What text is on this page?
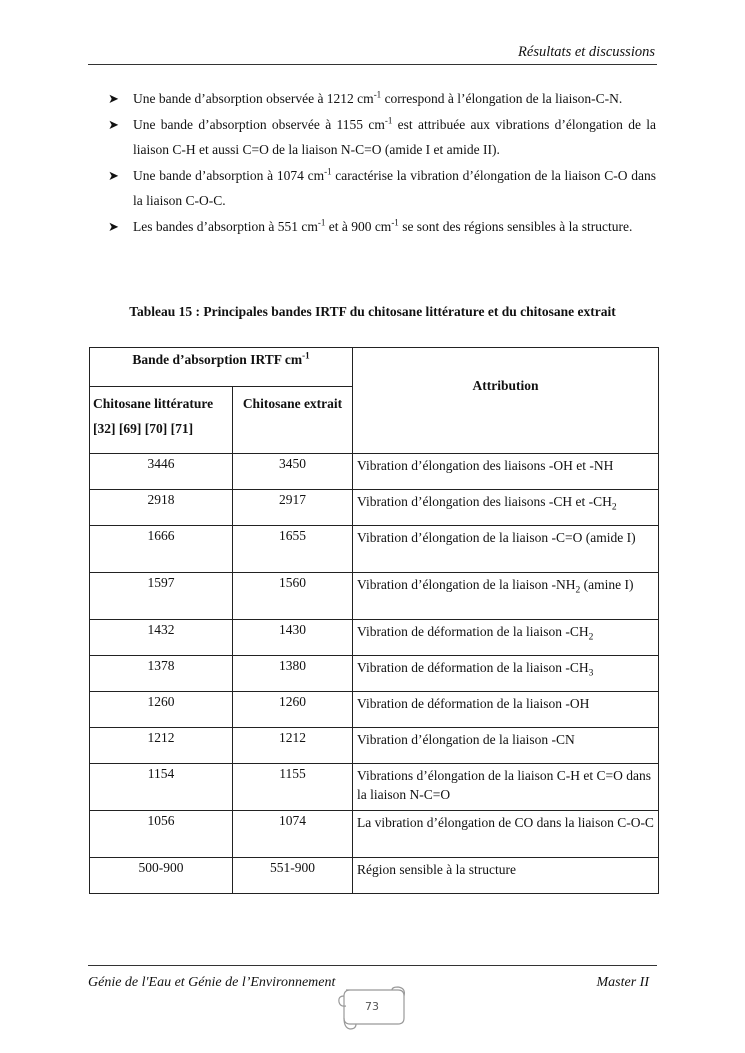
Résultats et discussions
➤ Une bande d’absorption observée à 1212 $cm^{-1}$ correspond à l’élongation de la liaison-C-N.
➤ Une bande d’absorption observée à 1155 $cm^{-1}$ est attribuée aux vibrations d’élongation de la liaison C-H et aussi C=O de la liaison N-C=O (amide I et amide II).
➤ Une bande d’absorption à 1074 $cm^{-1}$ caractérise la vibration d’élongation de la liaison C-O dans la liaison C-O-C.
➤ Les bandes d’absorption à 551 $cm^{-1}$ et à 900 $cm^{-1}$ se sont des régions sensibles à la structure.
Tableau 15 : Principales bandes IRTF du chitosane littérature et du chitosane extrait
Bande d’absorption IRTF $cm^{-1}$		Attribution
Chitosane littérature [32] [69] [70] [71]	Chitosane extrait	
3446	3450	Vibration d’élongation des liaisons -OH et -NH
2918	2917	Vibration d’élongation des liaisons -CH et $-CH_2$
1666	1655	Vibration d’élongation de la liaison -C=O (amide I)
1597	1560	Vibration d’élongation de la liaison $-NH_2$ (amine I)
1432	1430	Vibration de déformation de la liaison $-CH_2$
1378	1380	Vibration de déformation de la liaison $-CH_3$
1260	1260	Vibration de déformation de la liaison -OH
1212	1212	Vibration d’élongation de la liaison -CN
1154	1155	Vibrations d’élongation de la liaison C-H et C=O dans la liaison N-C=O
1056	1074	La vibration d’élongation de CO dans la liaison C-O-C
500-900	551-900	Région sensible à la structure
Génie de l'Eau et Génie de l’Environnement	Master II
73
